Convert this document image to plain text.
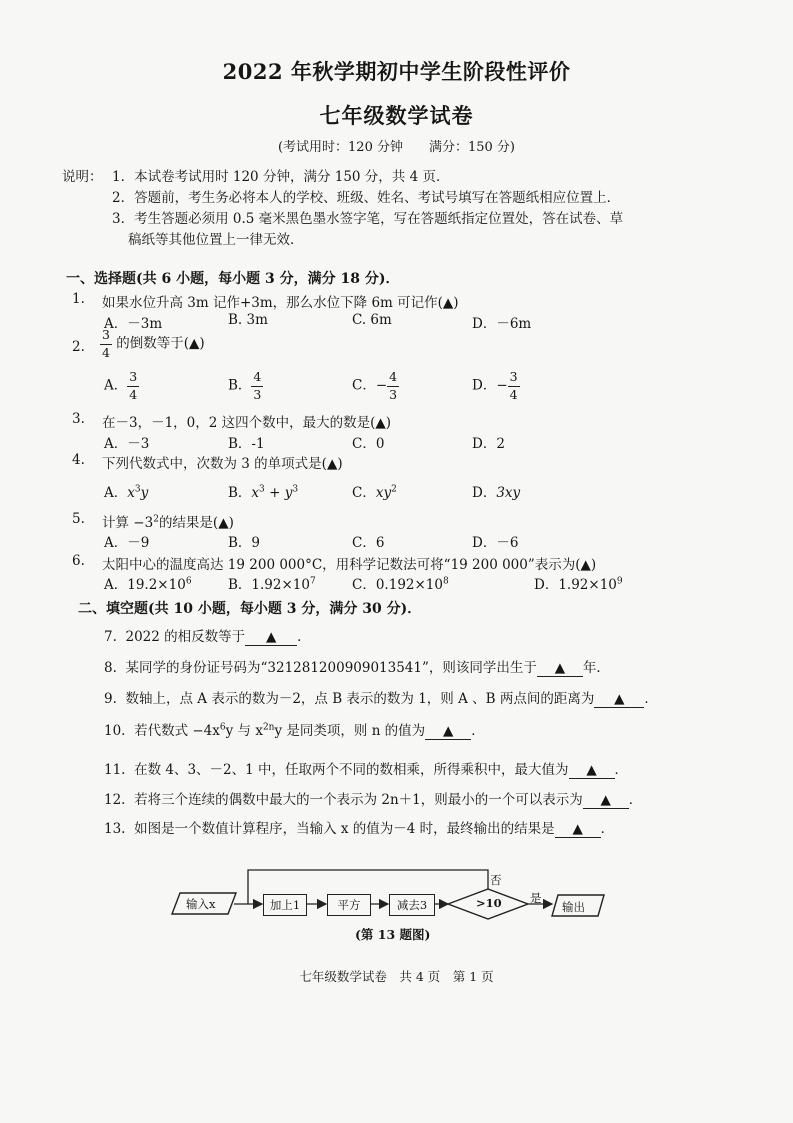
2022 年秋学期初中学生阶段性评价
七年级数学试卷
(考试用时：120 分钟　　满分：150 分)
说明： 1．本试卷考试用时 120 分钟，满分 150 分，共 4 页．
2．答题前，考生务必将本人的学校、班级、姓名、考试号填写在答题纸相应位置上．
3．考生答题必须用 0.5 毫米黑色墨水签字笔，写在答题纸指定位置处，答在试卷、草
稿纸等其他位置上一律无效．
一、选择题(共 6 小题，每小题 3 分，满分 18 分)．
1. 如果水位升高 3m 记作+3m，那么水位下降 6m 可记作(▲)
A．－3m	B. 3m	C. 6m	D．－6m
2. $\frac{3}{4}$ 的倒数等于(▲)
A． $\frac{3}{4}$	B． $\frac{4}{3}$	C．− $\frac{4}{3}$	D．− $\frac{3}{4}$
3. 在－3，－1，0，2 这四个数中，最大的数是(▲)
A．－3	B．-1	C．0	D．2
4. 下列代数式中，次数为 3 的单项式是(▲)
A．$x^3y$	B．$x^3 + y^3$	C．$xy^2$	D．3xy
5. 计算 $-3^2$的结果是(▲)
A．－9	B．9	C．6	D．－6
6. 太阳中心的温度高达 19 200 000°C，用科学记数法可将“19 200 000”表示为(▲)
A．$19.2\times 10^6$	B．$1.92\times 10^7$	C．$0.192\times 10^8$	D．$1.92\times 10^9$
二、填空题(共 10 小题，每小题 3 分，满分 30 分)．
7. 2022 的相反数等于 ▲ ．
8. 某同学的身份证号码为“321281200909013541”，则该同学出生于 ▲ 年．
9. 数轴上，点 A 表示的数为－2，点 B 表示的数为 1，则 A 、B 两点间的距离为 ▲ ．
10. 若代数式 $-4x^6y$ 与 $x^{2n}y$ 是同类项，则 n 的值为 ▲ ．
11. 在数 4、3、－2、1 中，任取两个不同的数相乘，所得乘积中，最大值为 ▲ ．
12. 若将三个连续的偶数中最大的一个表示为 2n＋1，则最小的一个可以表示为 ▲ ．
13. 如图是一个数值计算程序，当输入 x 的值为－4 时，最终输出的结果是 ▲ ．
输入x	加上1	平方	减去3	>10
否
是
输出
(第 13 题图)
七年级数学试卷　共 4 页　第 1 页
